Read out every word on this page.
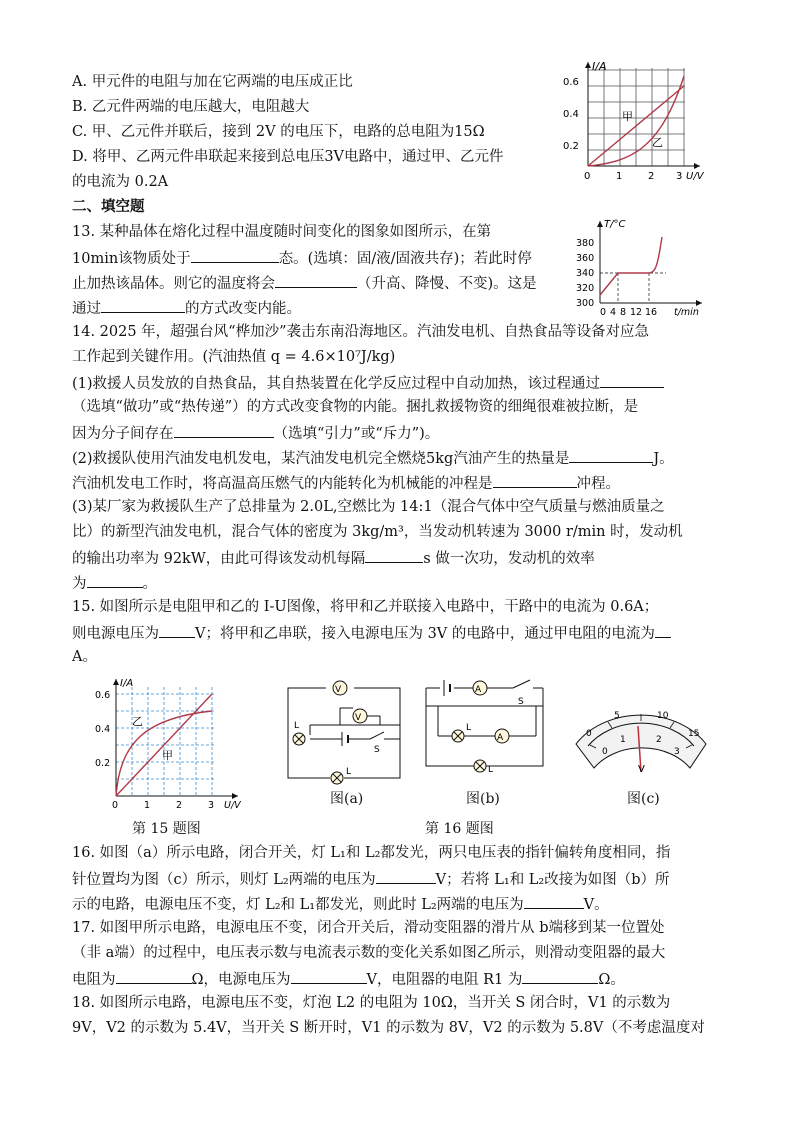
A. 甲元件的电阻与加在它两端的电压成正比
B. 乙元件两端的电压越大，电阻越大
C. 甲、乙元件并联后，接到 2V 的电压下，电路的总电阻为15Ω
D. 将甲、乙两元件串联起来接到总电压3V电路中，通过甲、乙元件
的电流为 0.2A
I/A
0.6
0.4
0.2
0	1	2 3 U/V
甲
乙
二、填空题
13. 某种晶体在熔化过程中温度随时间变化的图象如图所示，在第
10min该物质处于	态。(选填：固/液/固液共存)；若此时停
止加热该晶体。则它的温度将会	（升高、降慢、不变)。这是
通过	的方式改变内能。
T/°C
380
360
340
320
300
0 4 8 12 16 t/min
14. 2025 年，超强台风“桦加沙”袭击东南沿海地区。汽油发电机、自热食品等设备对应急
工作起到关键作用。(汽油热值 q = 4.6×10⁷J/kg)
(1)救援人员发放的自热食品，其自热装置在化学反应过程中自动加热，该过程通过
（选填“做功”或“热传递”）的方式改变食物的内能。捆扎救援物资的细绳很难被拉断，是
因为分子间存在	（选填“引力”或“斥力”)。
(2)救援队使用汽油发电机发电，某汽油发电机完全燃烧5kg汽油产生的热量是	J。
汽油机发电工作时，将高温高压燃气的内能转化为机械能的冲程是	冲程。
(3)某厂家为救援队生产了总排量为 2.0L,空燃比为 14:1（混合气体中空气质量与燃油质量之
比）的新型汽油发电机，混合气体的密度为 3kg/m³，当发动机转速为 3000 r/min 时，发动机
的输出功率为 92kW，由此可得该发动机每隔	s 做一次功，发动机的效率
为	。
15. 如图所示是电阻甲和乙的 I-U图像，将甲和乙并联接入电路中，干路中的电流为 0.6A；
则电源电压为 V；将甲和乙串联，接入电源电压为 3V 的电路中，通过甲电阻的电流为
A。
I/A
0.6
0.4
0.2
0	1	2	3 U/V
乙
甲
V
V
L
S
L
图(a)
A
S
L
A
L
图(b)
0
5	10
15
0
1	2
3
V
图(c)
第 15 题图	第 16 题图
16. 如图（a）所示电路，闭合开关，灯 L₁和 L₂都发光，两只电压表的指针偏转角度相同，指
针位置均为图（c）所示，则灯 L₂两端的电压为	V；若将 L₁和 L₂改接为如图（b）所
示的电路，电源电压不变，灯 L₂和 L₁都发光，则此时 L₂两端的电压为	V。
17. 如图甲所示电路，电源电压不变，闭合开关后，滑动变阻器的滑片从 b端移到某一位置处
（非 a端）的过程中，电压表示数与电流表示数的变化关系如图乙所示，则滑动变阻器的最大
电阻为	Ω，电源电压为	V，电阻器的电阻 R1 为	Ω。
18. 如图所示电路，电源电压不变，灯泡 L2 的电阻为 10Ω，当开关 S 闭合时，V1 的示数为
9V，V2 的示数为 5.4V，当开关 S 断开时，V1 的示数为 8V，V2 的示数为 5.8V（不考虑温度对
